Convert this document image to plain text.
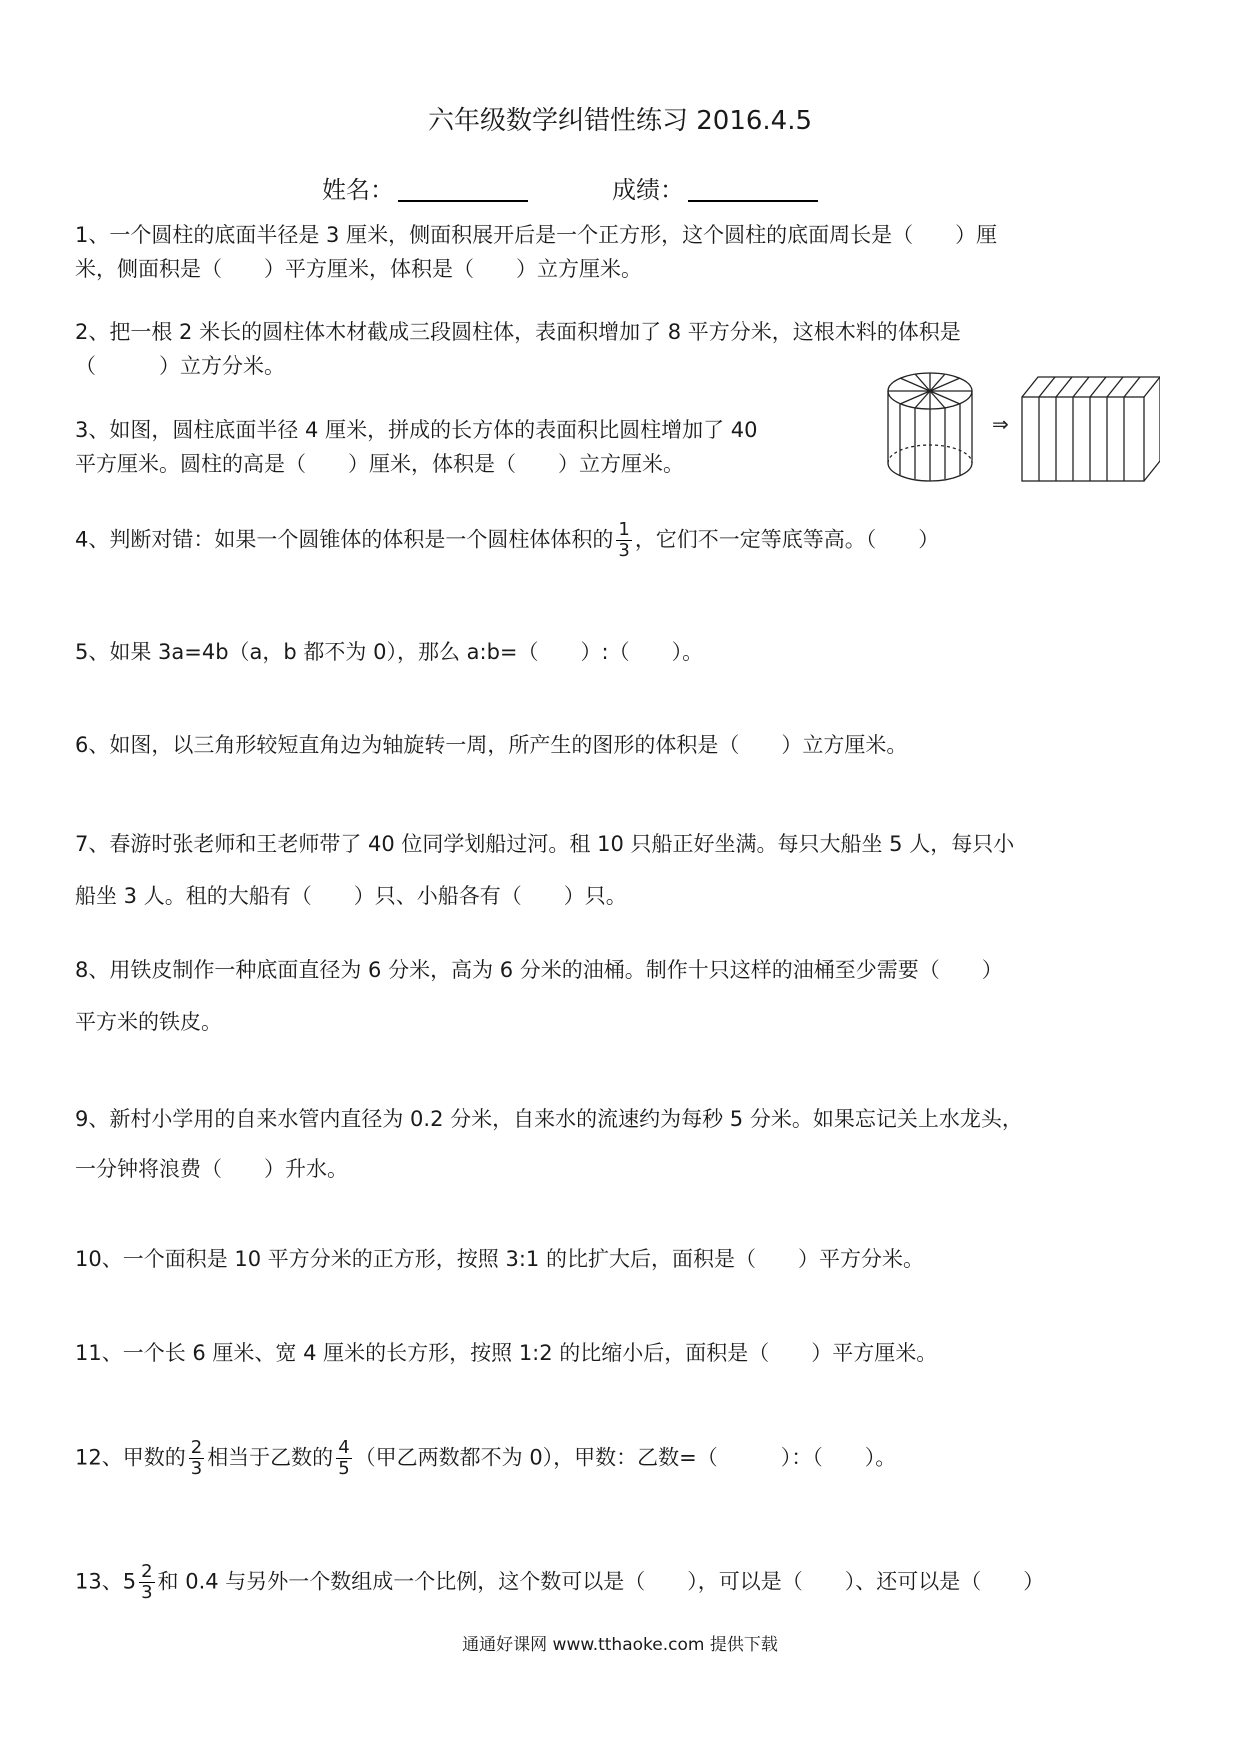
六年级数学纠错性练习 2016.4.5
姓名：	成绩：
1、一个圆柱的底面半径是 3 厘米，侧面积展开后是一个正方形，这个圆柱的底面周长是（　　）厘
米，侧面积是（　　）平方厘米，体积是（　　）立方厘米。
2、把一根 2 米长的圆柱体木材截成三段圆柱体，表面积增加了 8 平方分米，这根木料的体积是
（　　　）立方分米。
3、如图，圆柱底面半径 4 厘米，拼成的长方体的表面积比圆柱增加了 40
平方厘米。圆柱的高是（　　）厘米，体积是（　　）立方厘米。
⇒
4、判断对错：如果一个圆锥体的体积是一个圆柱体体积的 $\frac{1}{3}$ ，它们不一定等底等高。（　　）
5、如果 3a=4b（a，b 都不为 0），那么 a:b=（　　）:（　　）。
6、如图，以三角形较短直角边为轴旋转一周，所产生的图形的体积是（　　）立方厘米。
7、春游时张老师和王老师带了 40 位同学划船过河。租 10 只船正好坐满。每只大船坐 5 人，每只小
船坐 3 人。租的大船有（　　）只、小船各有（　　）只。
8、用铁皮制作一种底面直径为 6 分米，高为 6 分米的油桶。制作十只这样的油桶至少需要（　　）
平方米的铁皮。
9、新村小学用的自来水管内直径为 0.2 分米，自来水的流速约为每秒 5 分米。如果忘记关上水龙头，
一分钟将浪费（　　）升水。
10、一个面积是 10 平方分米的正方形，按照 3:1 的比扩大后，面积是（　　）平方分米。
11、一个长 6 厘米、宽 4 厘米的长方形，按照 1:2 的比缩小后，面积是（　　）平方厘米。
12、甲数的 $\frac{2}{3}$ 相当于乙数的 $\frac{4}{5}$ （甲乙两数都不为 0），甲数：乙数=（　　　）：（　　）。
13、$5 \frac{2}{3}$ 和 0.4 与另外一个数组成一个比例，这个数可以是（　　），可以是（　　）、还可以是（　　）
通通好课网 www.tthaoke.com 提供下载
